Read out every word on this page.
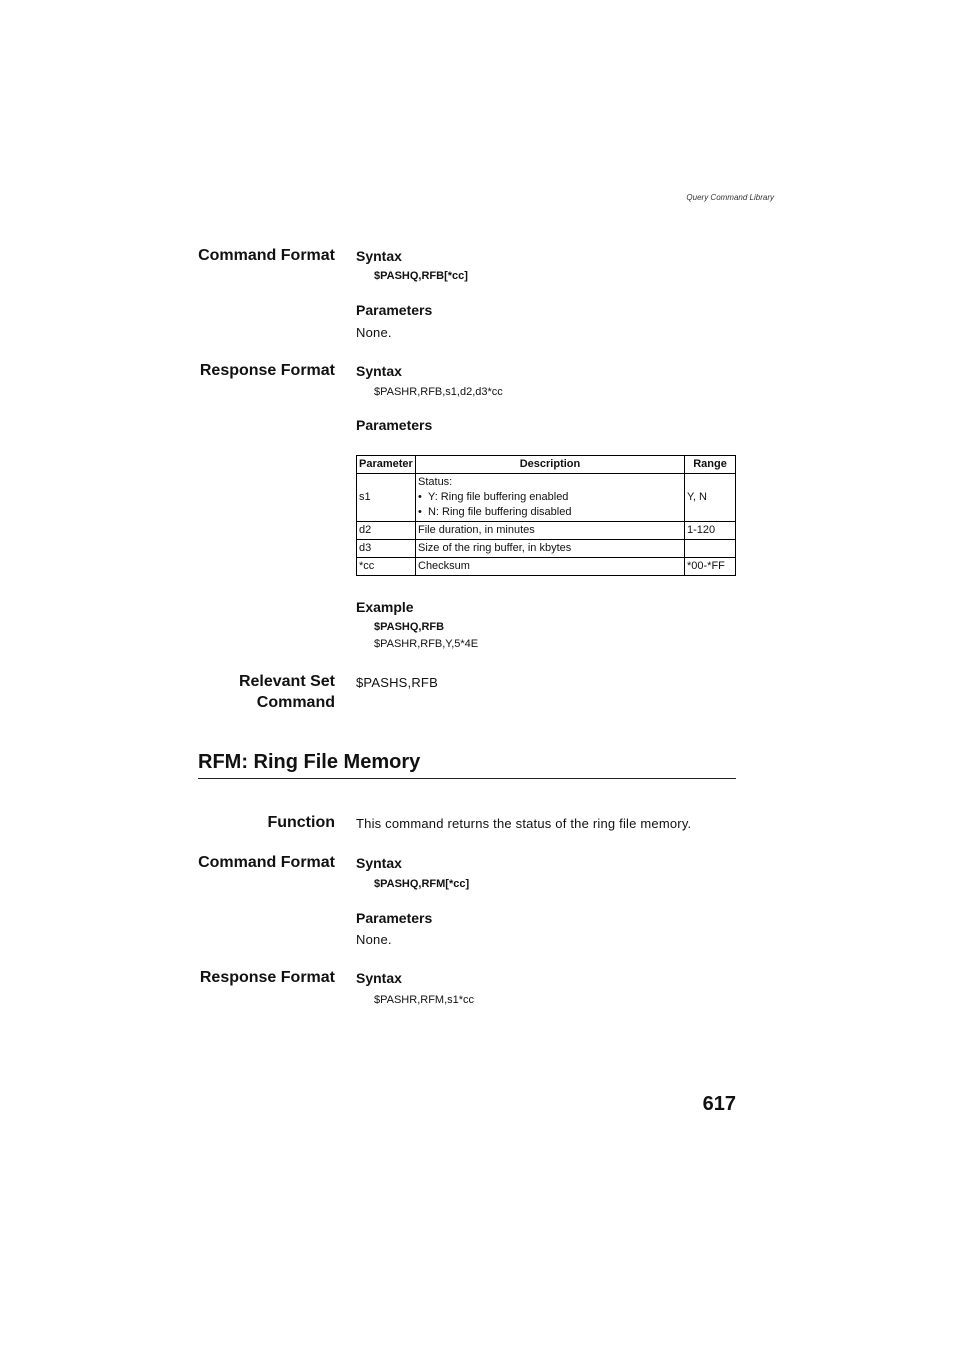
Query Command Library
Command Format Syntax
$PASHQ,RFB[*cc]
Parameters
None.
Response Format Syntax
$PASHR,RFB,s1,d2,d3*cc
Parameters
Parameter	Description	Range
s1	Status:
•  Y: Ring file buffering enabled
•  N: Ring file buffering disabled	Y, N
d2	File duration, in minutes	1-120
d3	Size of the ring buffer, in kbytes	
*cc	Checksum	*00-*FF
Example
$PASHQ,RFB
$PASHR,RFB,Y,5*4E
Relevant Set
Command
$PASHS,RFB
RFM: Ring File Memory
Function This command returns the status of the ring file memory.
Command Format Syntax
$PASHQ,RFM[*cc]
Parameters
None.
Response Format Syntax
$PASHR,RFM,s1*cc
617
